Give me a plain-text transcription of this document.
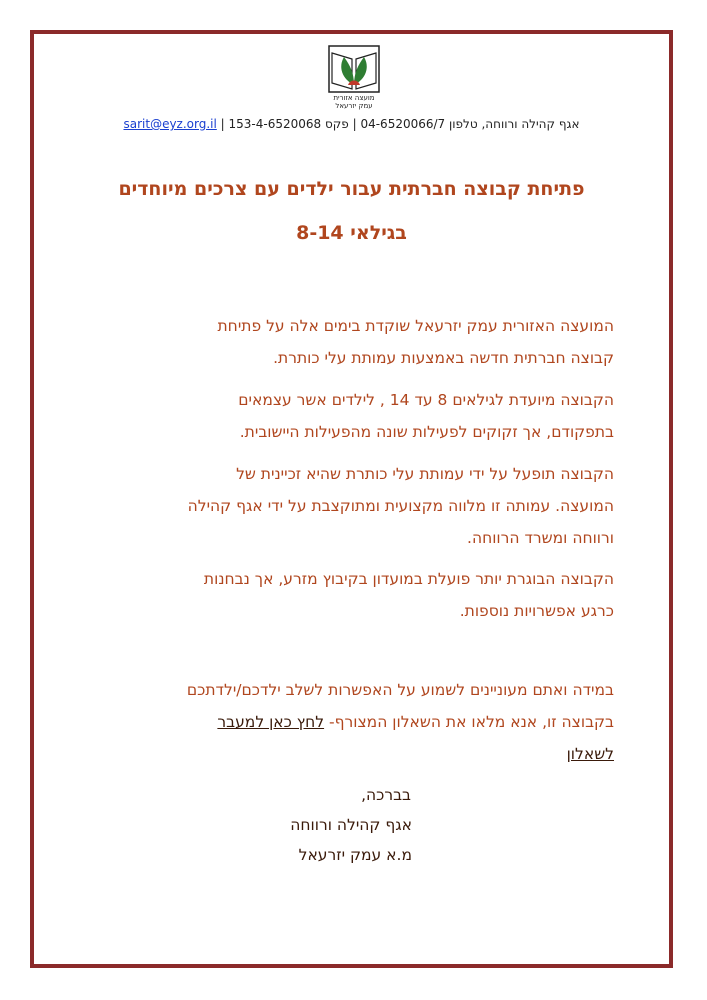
מועצה אזורית
עמק יזרעאל
sarit@eyz.org.il אגף קהילה ורווחה, טלפון 04-6520066/7 | פקס 153-4-6520068 |
פתיחת קבוצה חברתית עבור ילדים עם צרכים מיוחדים
בגילאי 8-14
המועצה האזורית עמק יזרעאל שוקדת בימים אלה על פתיחת
קבוצה חברתית חדשה באמצעות עמותת עלי כותרת.
הקבוצה מיועדת לגילאים 8 עד 14 , לילדים אשר עצמאים
בתפקודם, אך זקוקים לפעילות שונה מהפעילות היישובית.
הקבוצה תופעל על ידי עמותת עלי כותרת שהיא זכיינית של
המועצה. עמותה זו מלווה מקצועית ומתוקצבת על ידי אגף קהילה
ורווחה ומשרד הרווחה.
הקבוצה הבוגרת יותר פועלת במועדון בקיבוץ מזרע, אך נבחנות
כרגע אפשרויות נוספות.
במידה ואתם מעוניינים לשמוע על האפשרות לשלב ילדכם/ילדתכם
בקבוצה זו, אנא מלאו את השאלון המצורף- לחץ כאן למעבר
לשאלון
בברכה,
אגף קהילה ורווחה
מ.א עמק יזרעאל
